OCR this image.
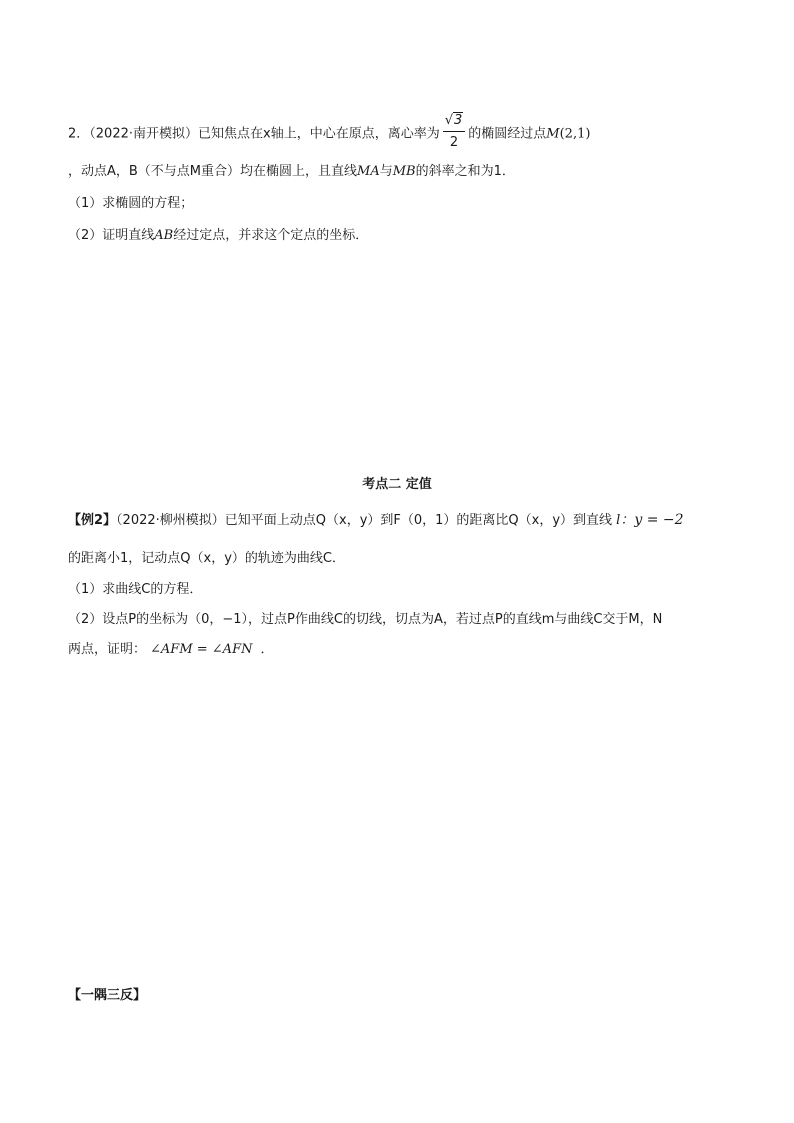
2．（2022·南开模拟）已知焦点在x轴上，中心在原点，离心率为 $\frac{√3}{2}$ 的椭圆经过点M(2,1)
，动点A，B（不与点M重合）均在椭圆上，且直线MA与MB的斜率之和为1．
（1）求椭圆的方程；
（2）证明直线AB经过定点，并求这个定点的坐标．
考点二 定值
【例2】（2022·柳州模拟）已知平面上动点Q（x，y）到F（0，1）的距离比Q（x，y）到直线 l：y = −2
的距离小1，记动点Q（x，y）的轨迹为曲线C．
（1）求曲线C的方程．
（2）设点P的坐标为（0，−1），过点P作曲线C的切线，切点为A，若过点P的直线m与曲线C交于M，N
两点，证明： ∠AFM = ∠AFN ．
【一隅三反】
